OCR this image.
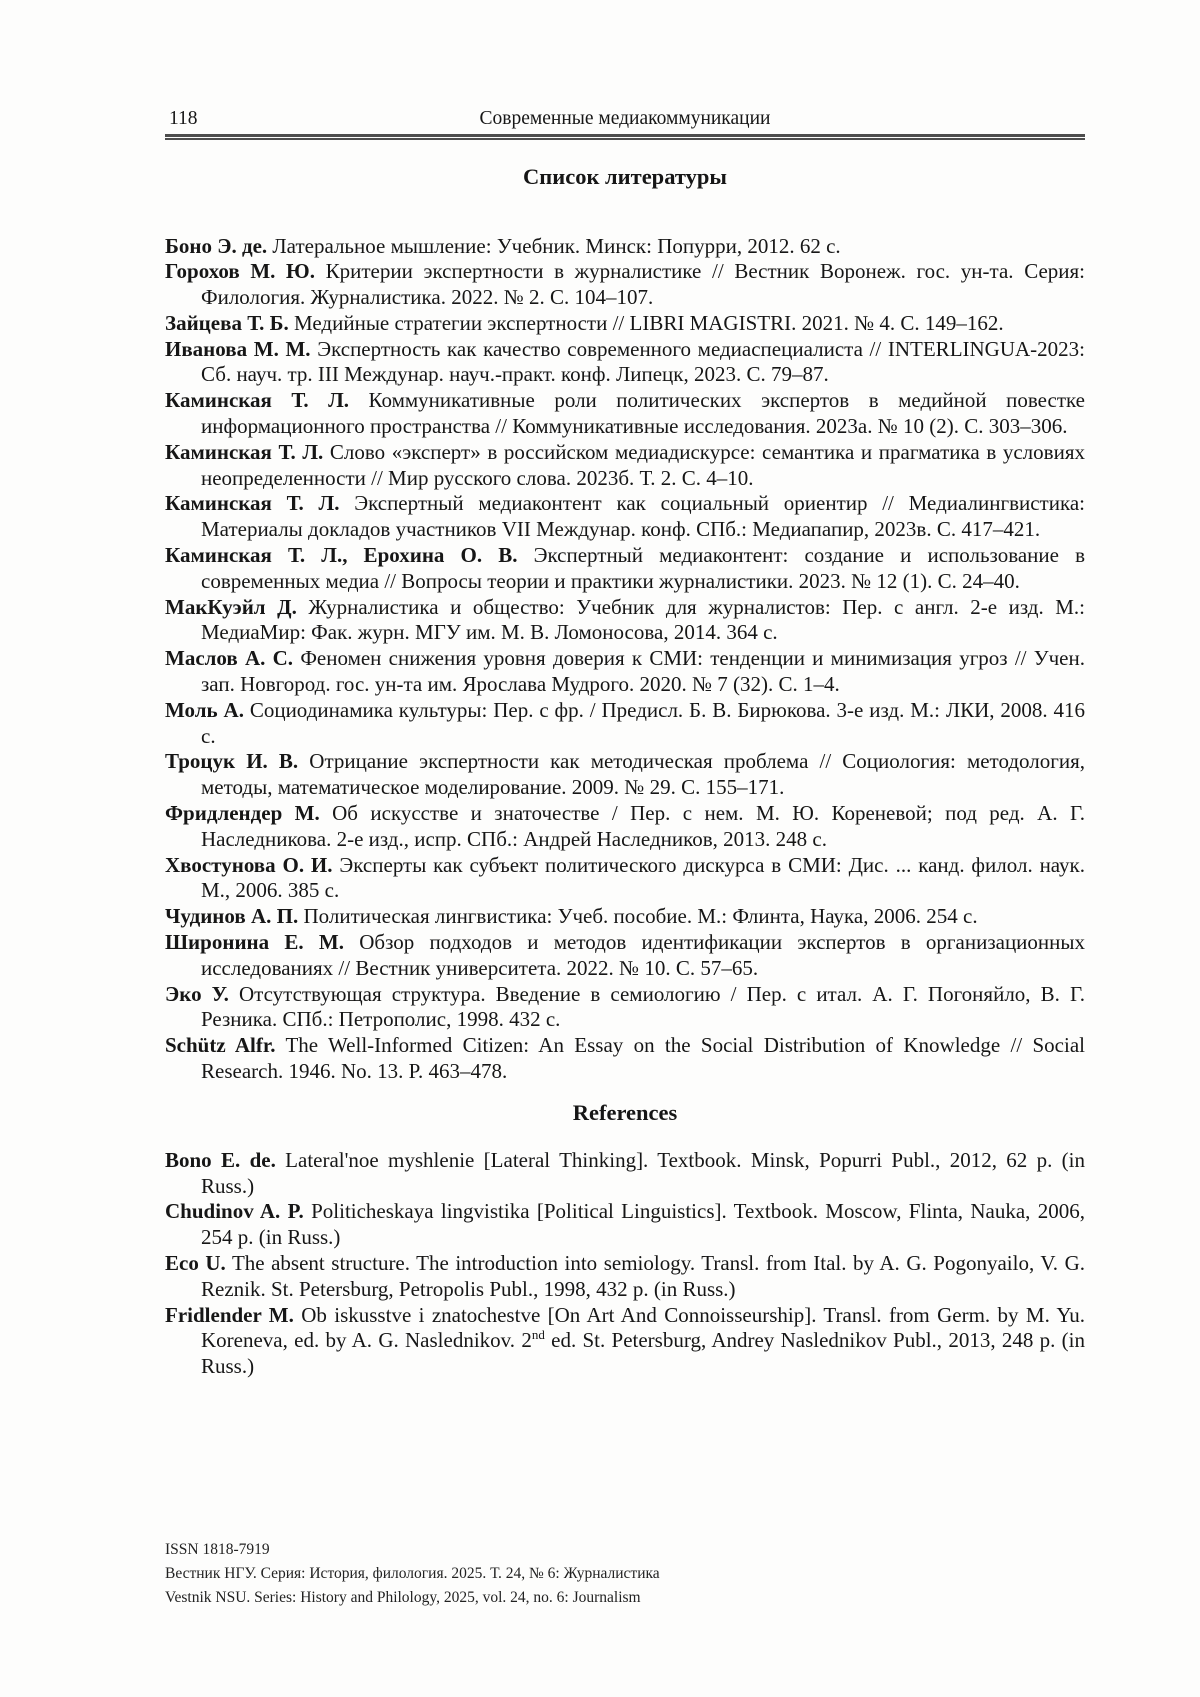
118	Современные медиакоммуникации
Список литературы

Боно Э. де. Латеральное мышление: Учебник. Минск: Попурри, 2012. 62 с.

Горохов М. Ю. Критерии экспертности в журналистике // Вестник Воронеж. гос. ун-та. Серия: Филология. Журналистика. 2022. № 2. С. 104–107.

Зайцева Т. Б. Медийные стратегии экспертности // LIBRI MAGISTRI. 2021. № 4. С. 149–162.

Иванова М. М. Экспертность как качество современного медиаспециалиста // INTERLINGUA-2023: Сб. науч. тр. III Междунар. науч.-практ. конф. Липецк, 2023. С. 79–87.

Каминская Т. Л. Коммуникативные роли политических экспертов в медийной повестке информационного пространства // Коммуникативные исследования. 2023а. № 10 (2). С. 303–306.

Каминская Т. Л. Слово «эксперт» в российском медиадискурсе: семантика и прагматика в условиях неопределенности // Мир русского слова. 2023б. Т. 2. С. 4–10.

Каминская Т. Л. Экспертный медиаконтент как социальный ориентир // Медиалингвистика: Материалы докладов участников VII Междунар. конф. СПб.: Медиапапир, 2023в. С. 417–421.

Каминская Т. Л., Ерохина О. В. Экспертный медиаконтент: создание и использование в современных медиа // Вопросы теории и практики журналистики. 2023. № 12 (1). С. 24–40.

МакКуэйл Д. Журналистика и общество: Учебник для журналистов: Пер. с англ. 2-е изд. М.: МедиаМир: Фак. журн. МГУ им. М. В. Ломоносова, 2014. 364 с.

Маслов А. С. Феномен снижения уровня доверия к СМИ: тенденции и минимизация угроз // Учен. зап. Новгород. гос. ун-та им. Ярослава Мудрого. 2020. № 7 (32). С. 1–4.

Моль А. Социодинамика культуры: Пер. с фр. / Предисл. Б. В. Бирюкова. 3-е изд. М.: ЛКИ, 2008. 416 с.

Троцук И. В. Отрицание экспертности как методическая проблема // Социология: методология, методы, математическое моделирование. 2009. № 29. С. 155–171.

Фридлендер М. Об искусстве и знаточестве / Пер. с нем. М. Ю. Кореневой; под ред. А. Г. Наследникова. 2-е изд., испр. СПб.: Андрей Наследников, 2013. 248 с.

Хвостунова О. И. Эксперты как субъект политического дискурса в СМИ: Дис. ... канд. филол. наук. М., 2006. 385 с.

Чудинов А. П. Политическая лингвистика: Учеб. пособие. М.: Флинта, Наука, 2006. 254 с.

Широнина Е. М. Обзор подходов и методов идентификации экспертов в организационных исследованиях // Вестник университета. 2022. № 10. С. 57–65.

Эко У. Отсутствующая структура. Введение в семиологию / Пер. с итал. А. Г. Погоняйло, В. Г. Резника. СПб.: Петрополис, 1998. 432 с.

Schütz Alfr. The Well-Informed Citizen: An Essay on the Social Distribution of Knowledge // Social Research. 1946. No. 13. P. 463–478.

References

Bono E. de. Lateral'noe myshlenie [Lateral Thinking]. Textbook. Minsk, Popurri Publ., 2012, 62 p. (in Russ.)

Chudinov A. P. Politicheskaya lingvistika [Political Linguistics]. Textbook. Moscow, Flinta, Nauka, 2006, 254 p. (in Russ.)

Eco U. The absent structure. The introduction into semiology. Transl. from Ital. by A. G. Pogonyailo, V. G. Reznik. St. Petersburg, Petropolis Publ., 1998, 432 p. (in Russ.)

Fridlender M. Ob iskusstve i znatochestve [On Art And Connoisseurship]. Transl. from Germ. by M. Yu. Koreneva, ed. by A. G. Naslednikov. 2nd ed. St. Petersburg, Andrey Naslednikov Publ., 2013, 248 p. (in Russ.)

ISSN 1818-7919
Вестник НГУ. Серия: История, филология. 2025. Т. 24, № 6: Журналистика
Vestnik NSU. Series: History and Philology, 2025, vol. 24, no. 6: Journalism
